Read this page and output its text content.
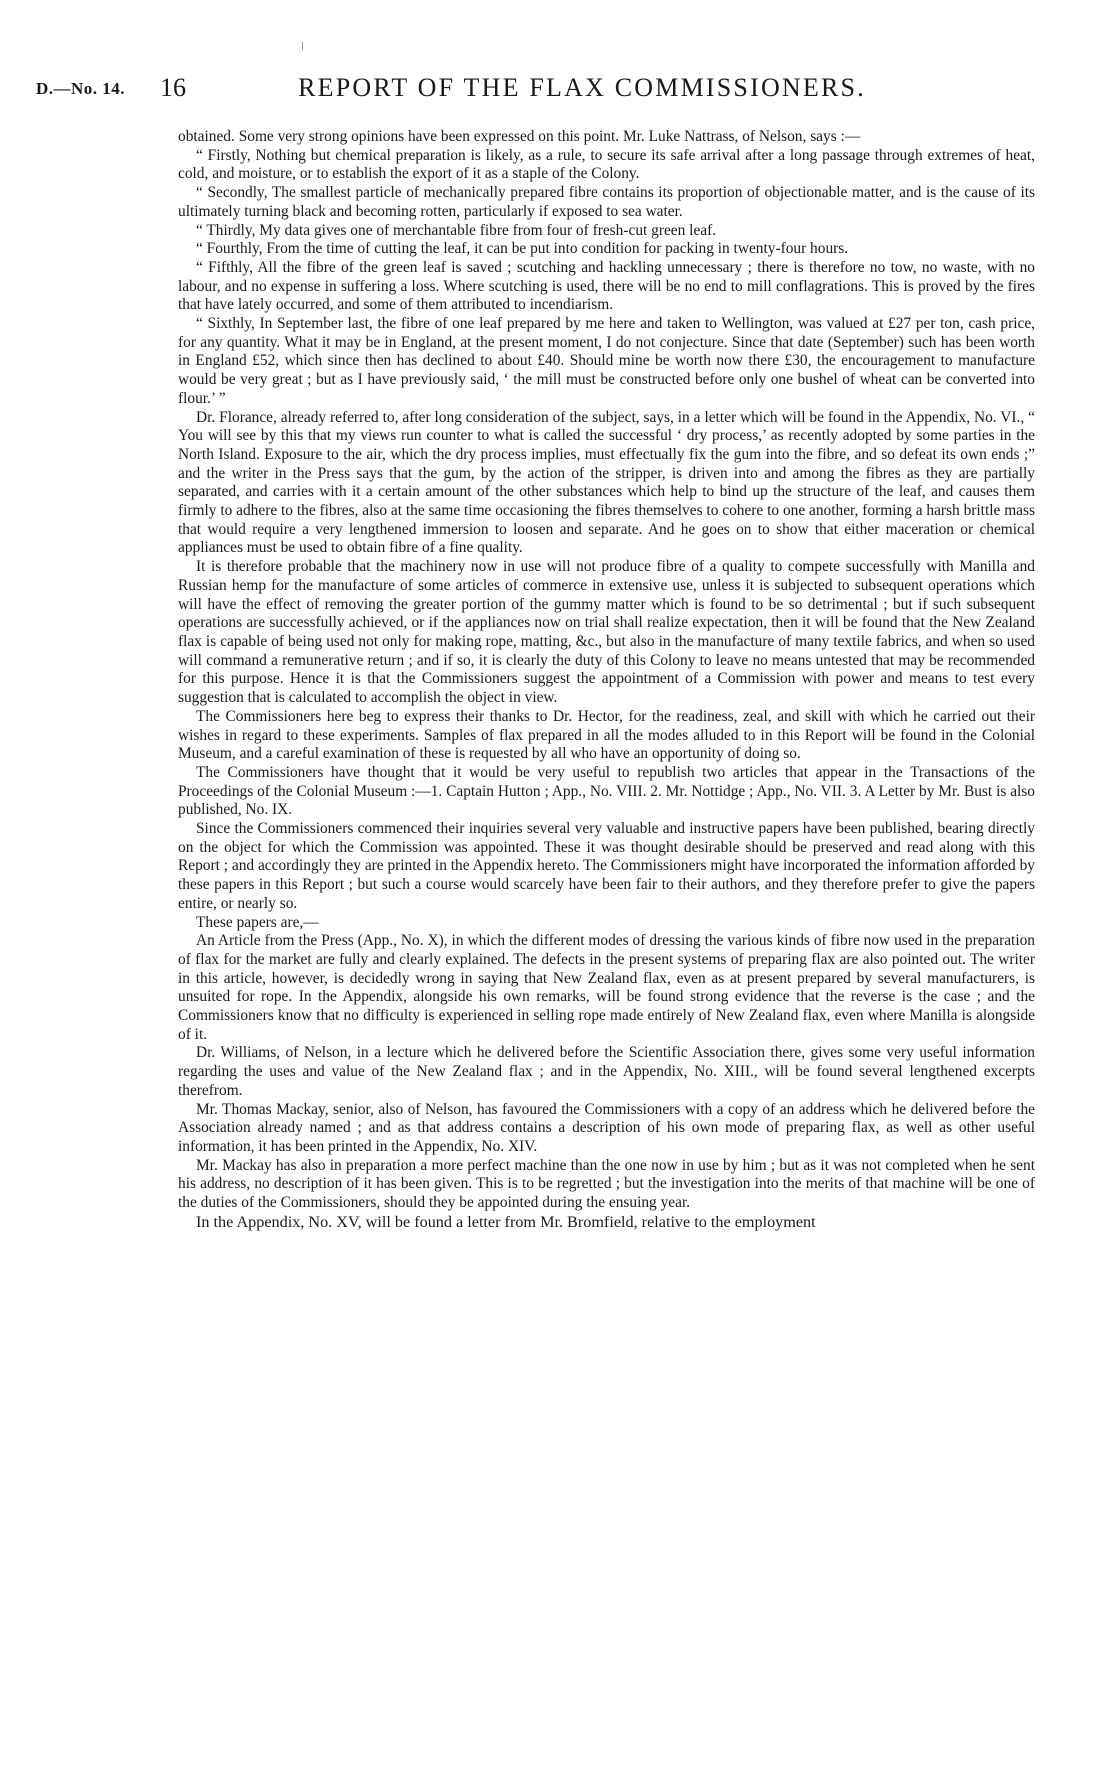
D.—No. 14. 16	REPORT OF THE FLAX COMMISSIONERS.

obtained. Some very strong opinions have been expressed on this point. Mr. Luke Nattrass, of Nelson, says :—

“ Firstly, Nothing but chemical preparation is likely, as a rule, to secure its safe arrival after a long passage through extremes of heat, cold, and moisture, or to establish the export of it as a staple of the Colony.

“ Secondly, The smallest particle of mechanically prepared fibre contains its proportion of objectionable matter, and is the cause of its ultimately turning black and becoming rotten, particularly if exposed to sea water.

“ Thirdly, My data gives one of merchantable fibre from four of fresh-cut green leaf.

“ Fourthly, From the time of cutting the leaf, it can be put into condition for packing in twenty-four hours.

“ Fifthly, All the fibre of the green leaf is saved ; scutching and hackling unnecessary ; there is therefore no tow, no waste, with no labour, and no expense in suffering a loss. Where scutching is used, there will be no end to mill conflagrations. This is proved by the fires that have lately occurred, and some of them attributed to incendiarism.

“ Sixthly, In September last, the fibre of one leaf prepared by me here and taken to Wellington, was valued at £27 per ton, cash price, for any quantity. What it may be in England, at the present moment, I do not conjecture. Since that date (September) such has been worth in England £52, which since then has declined to about £40. Should mine be worth now there £30, the encouragement to manufacture would be very great ; but as I have previously said, ‘ the mill must be constructed before only one bushel of wheat can be converted into flour.’ ”

Dr. Florance, already referred to, after long consideration of the subject, says, in a letter which will be found in the Appendix, No. VI., “ You will see by this that my views run counter to what is called the successful ‘ dry process,’ as recently adopted by some parties in the North Island. Exposure to the air, which the dry process implies, must effectually fix the gum into the fibre, and so defeat its own ends ;” and the writer in the Press says that the gum, by the action of the stripper, is driven into and among the fibres as they are partially separated, and carries with it a certain amount of the other substances which help to bind up the structure of the leaf, and causes them firmly to adhere to the fibres, also at the same time occasioning the fibres themselves to cohere to one another, forming a harsh brittle mass that would require a very lengthened immersion to loosen and separate. And he goes on to show that either maceration or chemical appliances must be used to obtain fibre of a fine quality.

It is therefore probable that the machinery now in use will not produce fibre of a quality to compete successfully with Manilla and Russian hemp for the manufacture of some articles of commerce in extensive use, unless it is subjected to subsequent operations which will have the effect of removing the greater portion of the gummy matter which is found to be so detrimental ; but if such subsequent operations are successfully achieved, or if the appliances now on trial shall realize expectation, then it will be found that the New Zealand flax is capable of being used not only for making rope, matting, &c., but also in the manufacture of many textile fabrics, and when so used will command a remunerative return ; and if so, it is clearly the duty of this Colony to leave no means untested that may be recommended for this purpose. Hence it is that the Commissioners suggest the appointment of a Commission with power and means to test every suggestion that is calculated to accomplish the object in view.

The Commissioners here beg to express their thanks to Dr. Hector, for the readiness, zeal, and skill with which he carried out their wishes in regard to these experiments. Samples of flax prepared in all the modes alluded to in this Report will be found in the Colonial Museum, and a careful examination of these is requested by all who have an opportunity of doing so.

The Commissioners have thought that it would be very useful to republish two articles that appear in the Transactions of the Proceedings of the Colonial Museum :—1. Captain Hutton ; App., No. VIII. 2. Mr. Nottidge ; App., No. VII. 3. A Letter by Mr. Bust is also published, No. IX.

Since the Commissioners commenced their inquiries several very valuable and instructive papers have been published, bearing directly on the object for which the Commission was appointed. These it was thought desirable should be preserved and read along with this Report ; and accordingly they are printed in the Appendix hereto. The Commissioners might have incorporated the information afforded by these papers in this Report ; but such a course would scarcely have been fair to their authors, and they therefore prefer to give the papers entire, or nearly so.

These papers are,—

An Article from the Press (App., No. X), in which the different modes of dressing the various kinds of fibre now used in the preparation of flax for the market are fully and clearly explained. The defects in the present systems of preparing flax are also pointed out. The writer in this article, however, is decidedly wrong in saying that New Zealand flax, even as at present prepared by several manufacturers, is unsuited for rope. In the Appendix, alongside his own remarks, will be found strong evidence that the reverse is the case ; and the Commissioners know that no difficulty is experienced in selling rope made entirely of New Zealand flax, even where Manilla is alongside of it.

Dr. Williams, of Nelson, in a lecture which he delivered before the Scientific Association there, gives some very useful information regarding the uses and value of the New Zealand flax ; and in the Appendix, No. XIII., will be found several lengthened excerpts therefrom.

Mr. Thomas Mackay, senior, also of Nelson, has favoured the Commissioners with a copy of an address which he delivered before the Association already named ; and as that address contains a description of his own mode of preparing flax, as well as other useful information, it has been printed in the Appendix, No. XIV.

Mr. Mackay has also in preparation a more perfect machine than the one now in use by him ; but as it was not completed when he sent his address, no description of it has been given. This is to be regretted ; but the investigation into the merits of that machine will be one of the duties of the Commissioners, should they be appointed during the ensuing year.

In the Appendix, No. XV, will be found a letter from Mr. Bromfield, relative to the employment
